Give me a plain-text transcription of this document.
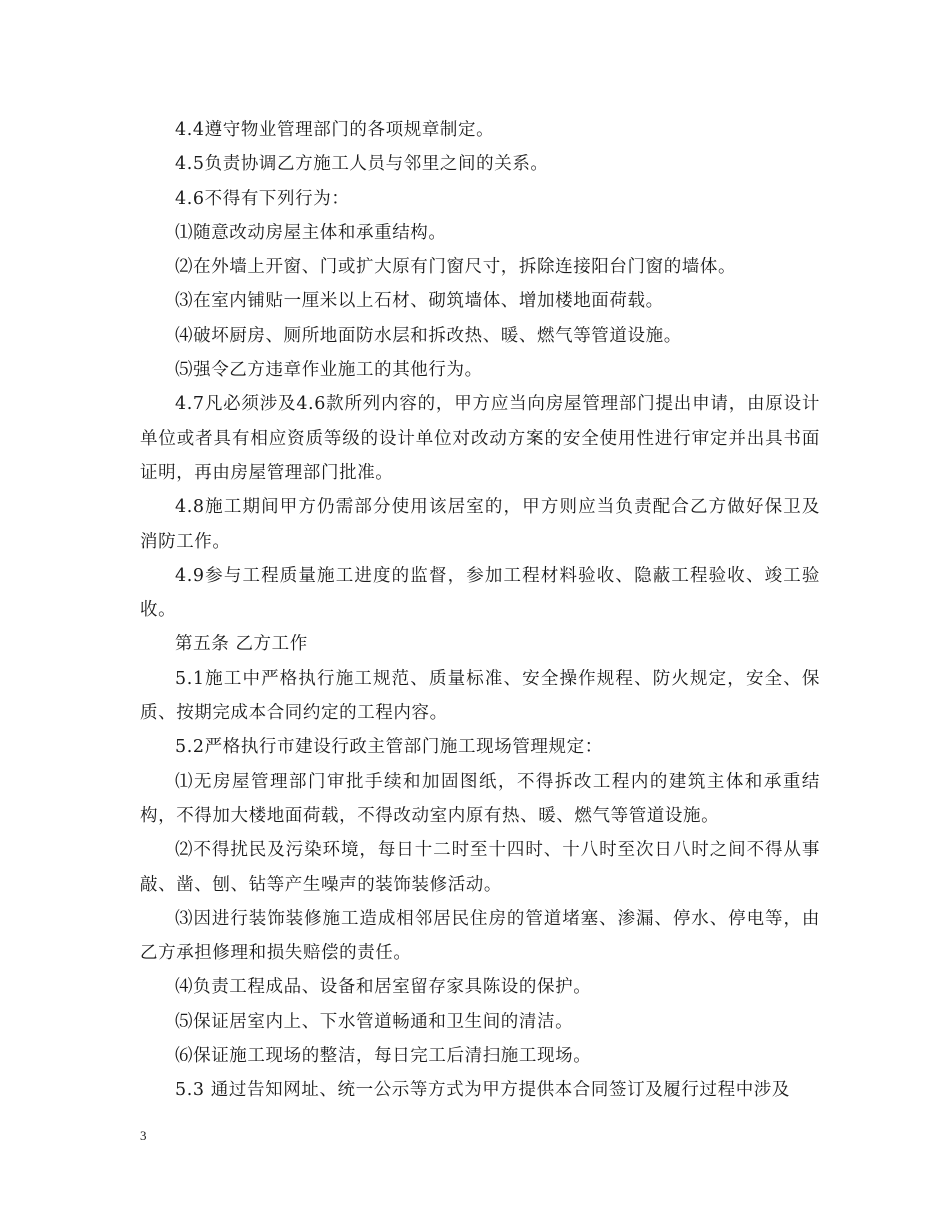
4.4遵守物业管理部门的各项规章制定。

4.5负责协调乙方施工人员与邻里之间的关系。

4.6不得有下列行为：

⑴随意改动房屋主体和承重结构。

⑵在外墙上开窗、门或扩大原有门窗尺寸，拆除连接阳台门窗的墙体。

⑶在室内铺贴一厘米以上石材、砌筑墙体、增加楼地面荷载。

⑷破坏厨房、厕所地面防水层和拆改热、暖、燃气等管道设施。

⑸强令乙方违章作业施工的其他行为。

4.7凡必须涉及4.6款所列内容的，甲方应当向房屋管理部门提出申请，由原设计单位或者具有相应资质等级的设计单位对改动方案的安全使用性进行审定并出具书面证明，再由房屋管理部门批准。

4.8施工期间甲方仍需部分使用该居室的，甲方则应当负责配合乙方做好保卫及消防工作。

4.9参与工程质量施工进度的监督，参加工程材料验收、隐蔽工程验收、竣工验收。

第五条 乙方工作

5.1施工中严格执行施工规范、质量标准、安全操作规程、防火规定，安全、保质、按期完成本合同约定的工程内容。

5.2严格执行市建设行政主管部门施工现场管理规定：

⑴无房屋管理部门审批手续和加固图纸，不得拆改工程内的建筑主体和承重结构，不得加大楼地面荷载，不得改动室内原有热、暖、燃气等管道设施。

⑵不得扰民及污染环境，每日十二时至十四时、十八时至次日八时之间不得从事敲、凿、刨、钻等产生噪声的装饰装修活动。

⑶因进行装饰装修施工造成相邻居民住房的管道堵塞、渗漏、停水、停电等，由乙方承担修理和损失赔偿的责任。

⑷负责工程成品、设备和居室留存家具陈设的保护。

⑸保证居室内上、下水管道畅通和卫生间的清洁。

⑹保证施工现场的整洁，每日完工后清扫施工现场。

5.3 通过告知网址、统一公示等方式为甲方提供本合同签订及履行过程中涉及

3
